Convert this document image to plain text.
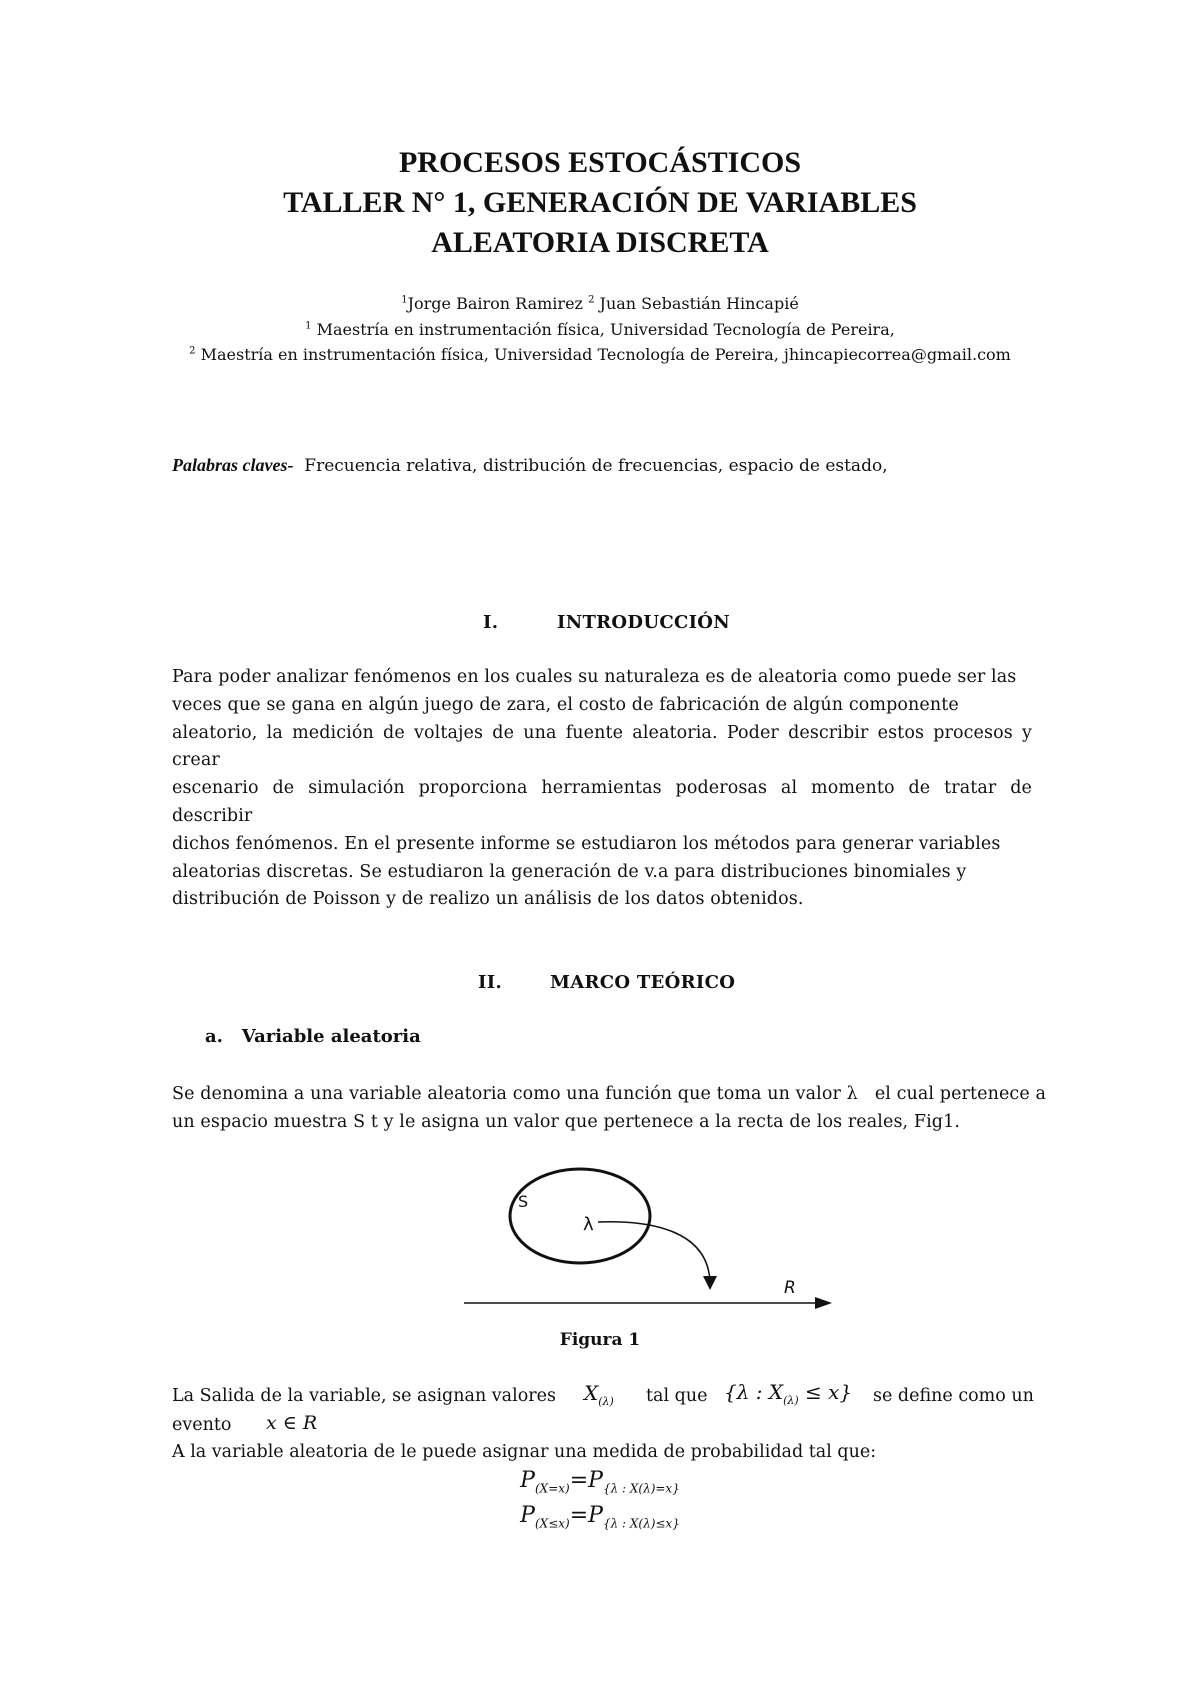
PROCESOS ESTOCÁSTICOS
TALLER N° 1, GENERACIÓN DE VARIABLES
ALEATORIA DISCRETA
$^1$Jorge Bairon Ramirez $^2$ Juan Sebastián Hincapié
$^1$ Maestría en instrumentación física, Universidad Tecnología de Pereira,
$^2$ Maestría en instrumentación física, Universidad Tecnología de Pereira, jhincapiecorrea@gmail.com
Palabras claves- Frecuencia relativa, distribución de frecuencias, espacio de estado,
I.	INTRODUCCIÓN
Para poder analizar fenómenos en los cuales su naturaleza es de aleatoria como puede ser las
veces que se gana en algún juego de zara, el costo de fabricación de algún componente
aleatorio, la medición de voltajes de una fuente aleatoria. Poder describir estos procesos y crear
escenario de simulación proporciona herramientas poderosas al momento de tratar de describir
dichos fenómenos. En el presente informe se estudiaron los métodos para generar variables
aleatorias discretas. Se estudiaron la generación de v.a para distribuciones binomiales y
distribución de Poisson y de realizo un análisis de los datos obtenidos.
II.	MARCO TEÓRICO
a. Variable aleatoria
Se denomina a una variable aleatoria como una función que toma un valor λ   el cual pertenece a
un espacio muestra S t y le asigna un valor que pertenece a la recta de los reales, Fig1.
S
λ
R
Figura 1
La Salida de la variable, se asignan valores $X_{(\lambda)}$ tal que {λ : $X_{(\lambda)} \le x$} se define como un
evento x ∈ R
A la variable aleatoria de le puede asignar una medida de probabilidad tal que:
$P_{(X=x)}=P_{\{\lambda : X(\lambda)=x\}}$
$P_{(X\le x)}=P_{\{\lambda : X(\lambda)\le x\}}$
